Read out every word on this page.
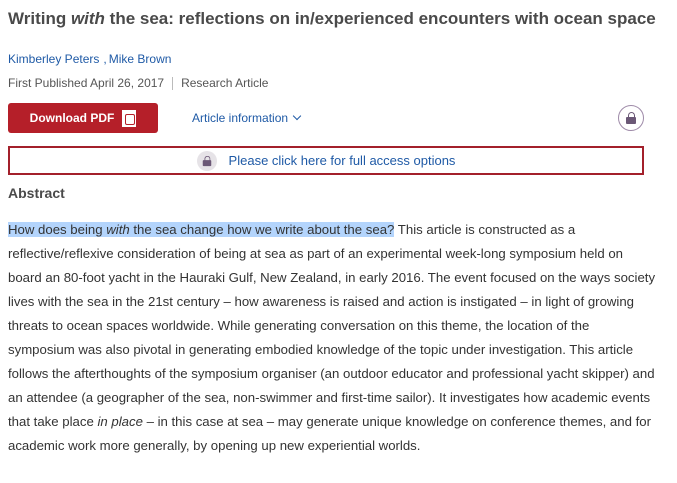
Writing with the sea: reflections on in/experienced encounters with ocean space
Kimberley Peters , Mike Brown
First Published April 26, 2017 Research Article
Download PDF	Article information
Please click here for full access options
Abstract
How does being with the sea change how we write about the sea? This article is constructed as a reflective/reflexive consideration of being at sea as part of an experimental week-long symposium held on board an 80-foot yacht in the Hauraki Gulf, New Zealand, in early 2016. The event focused on the ways society lives with the sea in the 21st century – how awareness is raised and action is instigated – in light of growing threats to ocean spaces worldwide. While generating conversation on this theme, the location of the symposium was also pivotal in generating embodied knowledge of the topic under investigation. This article follows the afterthoughts of the symposium organiser (an outdoor educator and professional yacht skipper) and an attendee (a geographer of the sea, non-swimmer and first-time sailor). It investigates how academic events that take place in place – in this case at sea – may generate unique knowledge on conference themes, and for academic work more generally, by opening up new experiential worlds.
